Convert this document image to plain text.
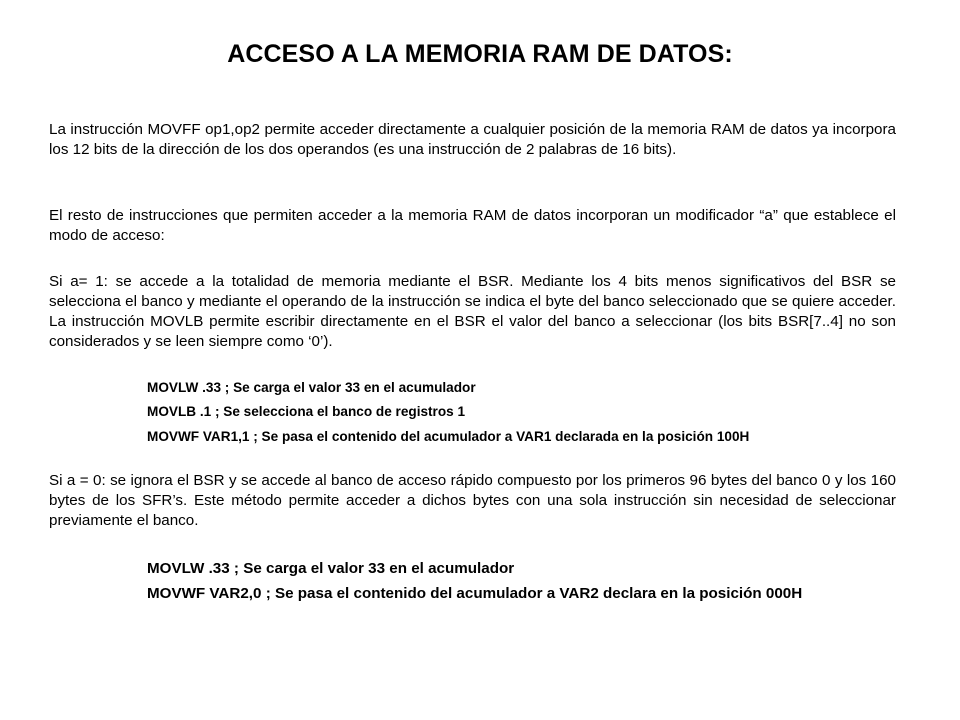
ACCESO A LA MEMORIA RAM DE DATOS:
La instrucción MOVFF op1,op2 permite acceder directamente a cualquier posición de la memoria RAM de datos ya incorpora los 12 bits de la dirección de los dos operandos (es una instrucción de 2 palabras de 16 bits).
El resto de instrucciones que permiten acceder a la memoria RAM de datos incorporan un modificador “a” que establece el modo de acceso:
Si a= 1: se accede a la totalidad de memoria mediante el BSR. Mediante los 4 bits menos significativos del BSR se selecciona el banco y mediante el operando de la instrucción se indica el byte del banco seleccionado que se quiere acceder. La instrucción MOVLB permite escribir directamente en el BSR el valor del banco a seleccionar (los bits BSR[7..4] no son considerados y se leen siempre como ‘0’).
MOVLW .33 ; Se carga el valor 33 en el acumulador
MOVLB .1 ; Se selecciona el banco de registros 1
MOVWF VAR1,1 ; Se pasa el contenido del acumulador a VAR1 declarada en la posición 100H
Si a = 0: se ignora el BSR y se accede al banco de acceso rápido compuesto por los primeros 96 bytes del banco 0 y los 160 bytes de los SFR’s. Este método permite acceder a dichos bytes con una sola instrucción sin necesidad de seleccionar previamente el banco.
MOVLW .33 ; Se carga el valor 33 en el acumulador
MOVWF VAR2,0 ; Se pasa el contenido del acumulador a VAR2 declara en la posición 000H
